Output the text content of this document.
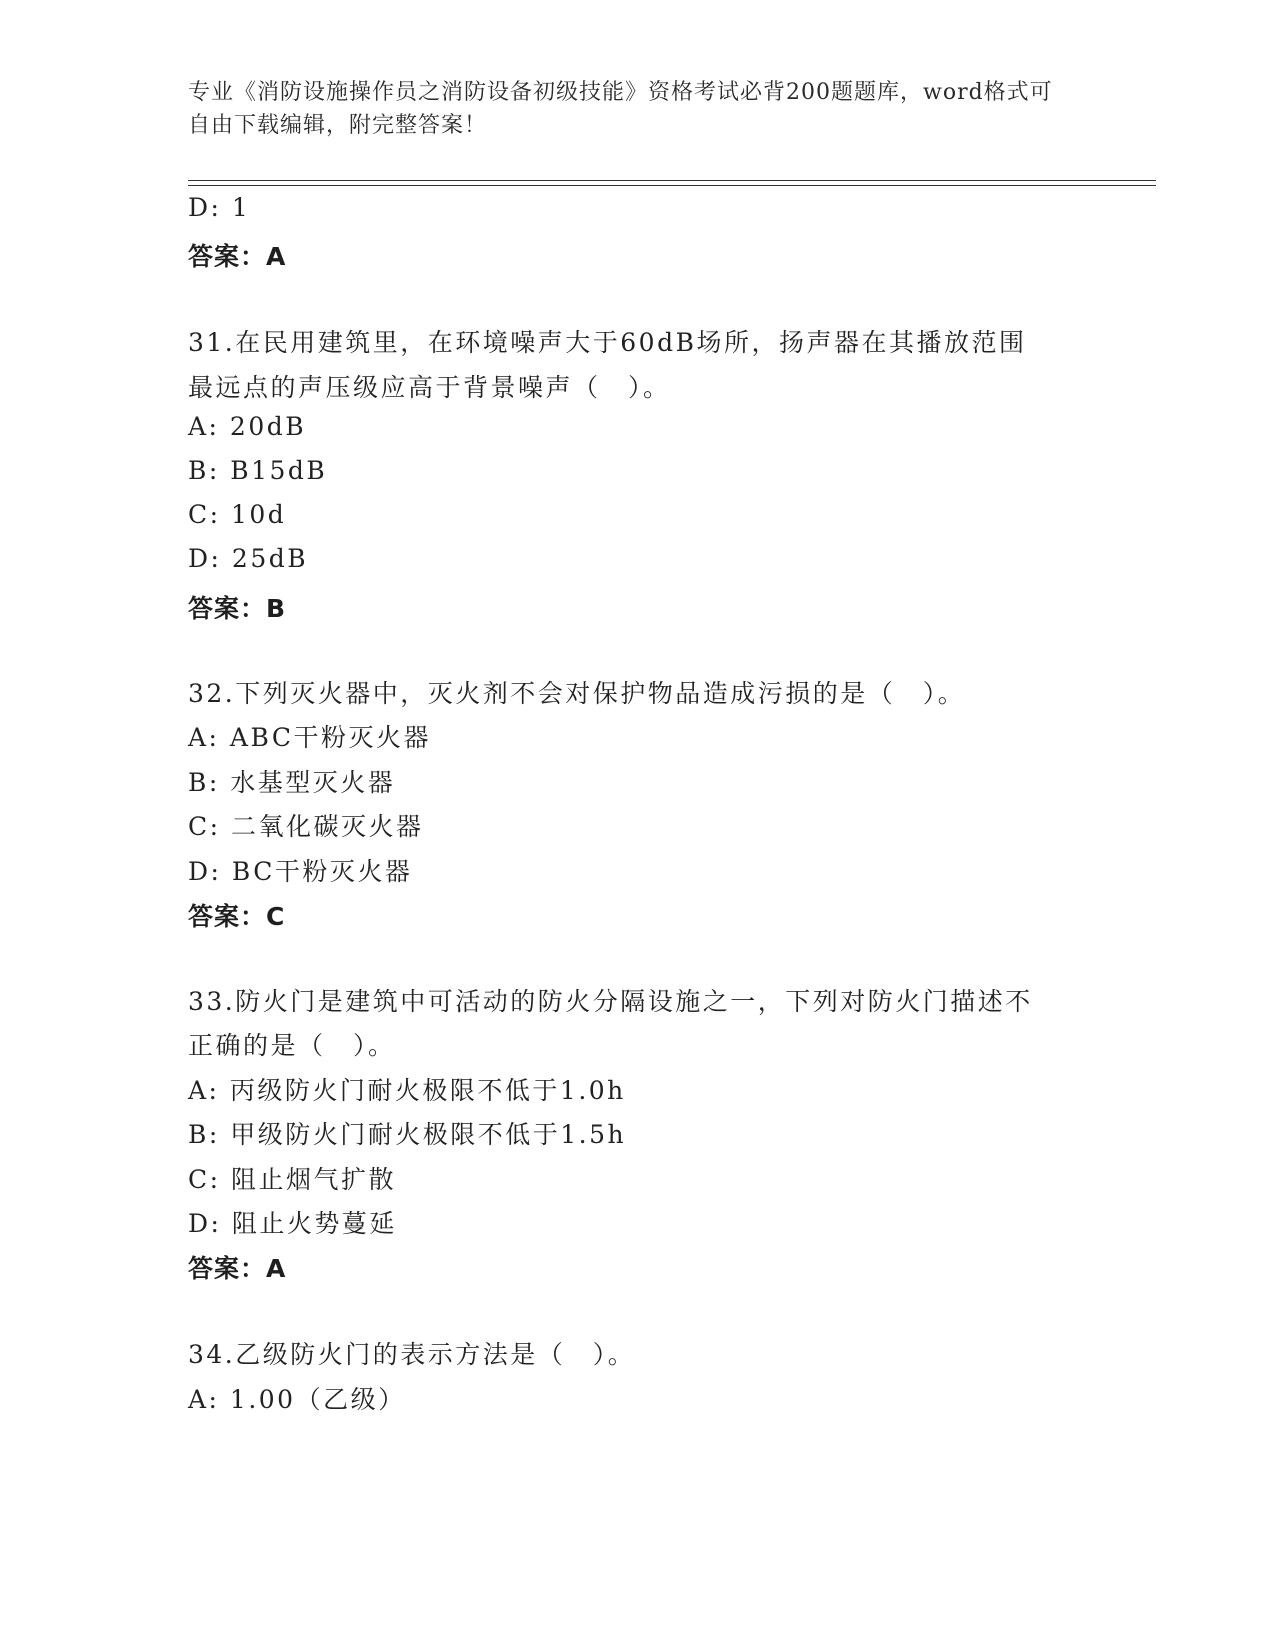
专业《消防设施操作员之消防设备初级技能》资格考试必背200题题库，word格式可自由下载编辑，附完整答案！
D: 1
答案：A
31.在民用建筑里，在环境噪声大于60dB场所，扬声器在其播放范围
最远点的声压级应高于背景噪声（　）。
A: 20dB
B: B15dB
C: 10d
D: 25dB
答案：B
32.下列灭火器中，灭火剂不会对保护物品造成污损的是（　）。
A: ABC干粉灭火器
B: 水基型灭火器
C: 二氧化碳灭火器
D: BC干粉灭火器
答案：C
33.防火门是建筑中可活动的防火分隔设施之一，下列对防火门描述不
正确的是（　）。
A: 丙级防火门耐火极限不低于1.0h
B: 甲级防火门耐火极限不低于1.5h
C: 阻止烟气扩散
D: 阻止火势蔓延
答案：A
34.乙级防火门的表示方法是（　）。
A: 1.00（乙级）
